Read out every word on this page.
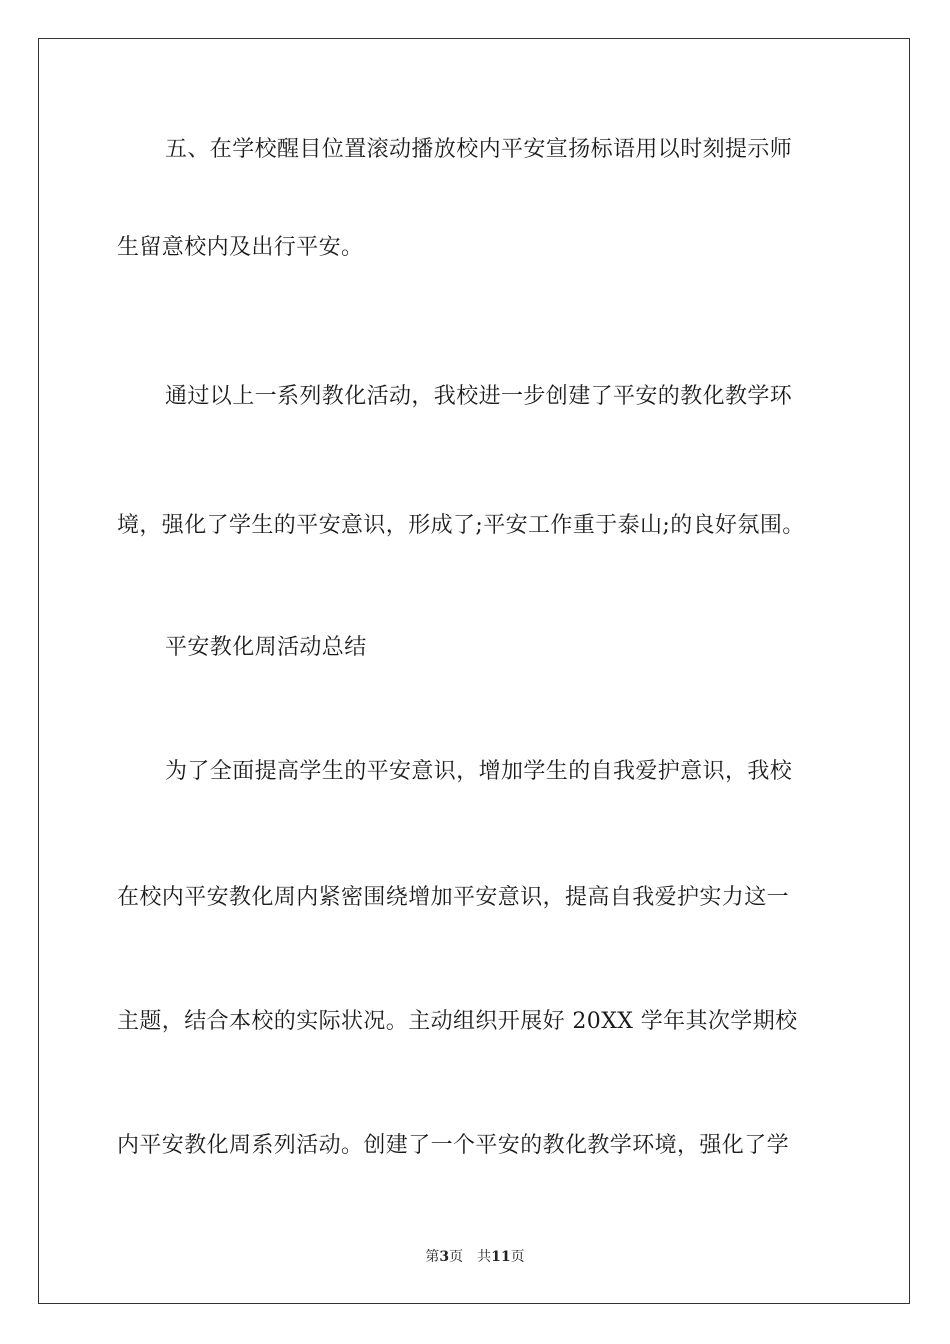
五、在学校醒目位置滚动播放校内平安宣扬标语用以时刻提示师

生留意校内及出行平安。

通过以上一系列教化活动，我校进一步创建了平安的教化教学环

境，强化了学生的平安意识，形成了;平安工作重于泰山;的良好氛围。

平安教化周活动总结

为了全面提高学生的平安意识，增加学生的自我爱护意识，我校

在校内平安教化周内紧密围绕增加平安意识，提高自我爱护实力这一

主题，结合本校的实际状况。主动组织开展好 20XX 学年其次学期校

内平安教化周系列活动。创建了一个平安的教化教学环境，强化了学

第3页 共11页
